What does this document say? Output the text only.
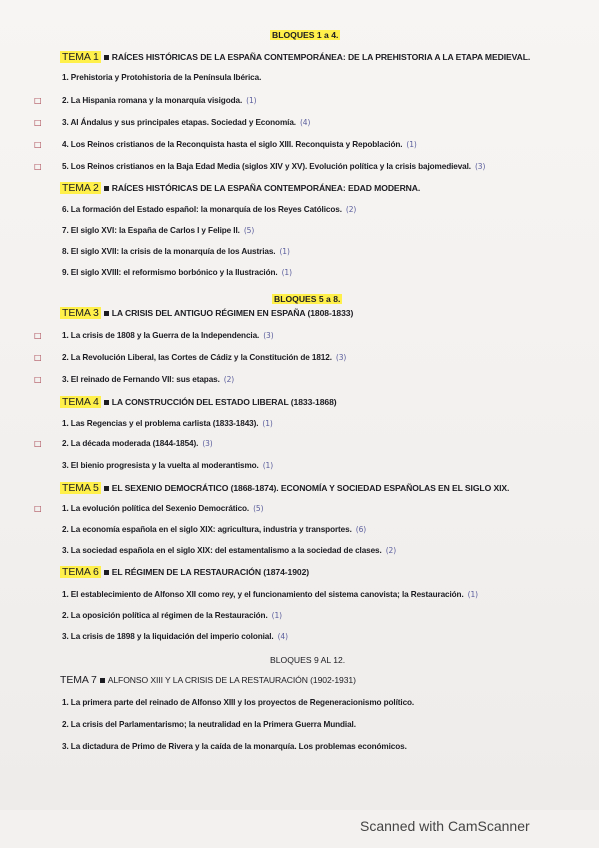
BLOQUES 1 a 4.
TEMA 1 RAÍCES HISTÓRICAS DE LA ESPAÑA CONTEMPORÁNEA: DE LA PREHISTORIA A LA ETAPA MEDIEVAL.
1. Prehistoria y Protohistoria de la Península Ibérica.
□ 2. La Hispania romana y la monarquía visigoda. (1)
□ 3. Al Ándalus y sus principales etapas. Sociedad y Economía. (4)
□ 4. Los Reinos cristianos de la Reconquista hasta el siglo XIII. Reconquista y Repoblación. (1)
□ 5. Los Reinos cristianos en la Baja Edad Media (siglos XIV y XV). Evolución política y la crisis bajomedieval. (3)
TEMA 2 RAÍCES HISTÓRICAS DE LA ESPAÑA CONTEMPORÁNEA: EDAD MODERNA.
6. La formación del Estado español: la monarquía de los Reyes Católicos. (2)
7. El siglo XVI: la España de Carlos I y Felipe II. (5)
8. El siglo XVII: la crisis de la monarquía de los Austrias. (1)
9. El siglo XVIII: el reformismo borbónico y la Ilustración. (1)
BLOQUES 5 a 8.
TEMA 3 LA CRISIS DEL ANTIGUO RÉGIMEN EN ESPAÑA (1808-1833)
□ 1. La crisis de 1808 y la Guerra de la Independencia. (3)
□ 2. La Revolución Liberal, las Cortes de Cádiz y la Constitución de 1812. (3)
□ 3. El reinado de Fernando VII: sus etapas. (2)
TEMA 4 LA CONSTRUCCIÓN DEL ESTADO LIBERAL (1833-1868)
1. Las Regencias y el problema carlista (1833-1843). (1)
□ 2. La década moderada (1844-1854). (3)
3. El bienio progresista y la vuelta al moderantismo. (1)
TEMA 5 EL SEXENIO DEMOCRÁTICO (1868-1874). ECONOMÍA Y SOCIEDAD ESPAÑOLAS EN EL SIGLO XIX.
□ 1. La evolución política del Sexenio Democrático. (5)
2. La economía española en el siglo XIX: agricultura, industria y transportes. (6)
3. La sociedad española en el siglo XIX: del estamentalismo a la sociedad de clases. (2)
TEMA 6 EL RÉGIMEN DE LA RESTAURACIÓN (1874-1902)
1. El establecimiento de Alfonso XII como rey, y el funcionamiento del sistema canovista; la Restauración. (1)
2. La oposición política al régimen de la Restauración. (1)
3. La crisis de 1898 y la liquidación del imperio colonial. (4)
BLOQUES 9 AL 12.
TEMA 7 ALFONSO XIII Y LA CRISIS DE LA RESTAURACIÓN (1902-1931)
1. La primera parte del reinado de Alfonso XIII y los proyectos de Regeneracionismo político.
2. La crisis del Parlamentarismo; la neutralidad en la Primera Guerra Mundial.
3. La dictadura de Primo de Rivera y la caída de la monarquía. Los problemas económicos.
Scanned with CamScanner
